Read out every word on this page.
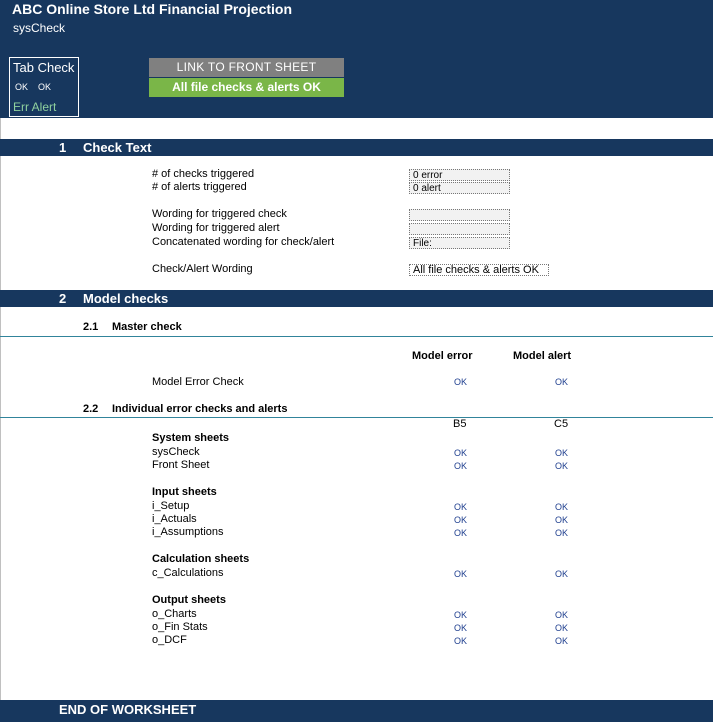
ABC Online Store Ltd Financial Projection
sysCheck
Tab Check
OK OK
Err Alert
LINK TO FRONT SHEET
All file checks & alerts OK
1 Check Text
# of checks triggered	0 error
# of alerts triggered	0 alert
Wording for triggered check
Wording for triggered alert
Concatenated wording for check/alert	File:
Check/Alert Wording	All file checks & alerts OK
2 Model checks
2.1 Master check
Model error	Model alert
Model Error Check	OK	OK
2.2 Individual error checks and alerts
B5	C5
System sheets
sysCheck	OK	OK
Front Sheet	OK	OK
Input sheets
i_Setup	OK	OK
i_Actuals	OK	OK
i_Assumptions	OK	OK
Calculation sheets
c_Calculations	OK	OK
Output sheets
o_Charts	OK	OK
o_Fin Stats	OK	OK
o_DCF	OK	OK
END OF WORKSHEET
